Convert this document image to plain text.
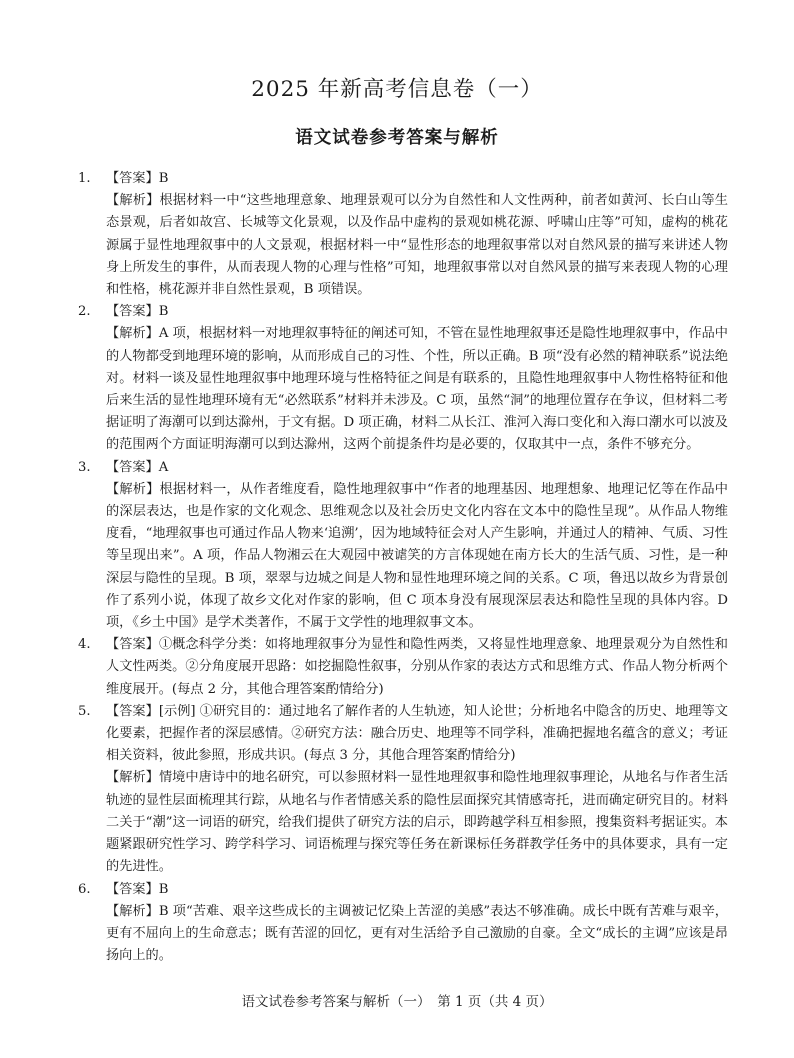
2025 年新高考信息卷（一）
语文试卷参考答案与解析
1. 【答案】B
【解析】根据材料一中“这些地理意象、地理景观可以分为自然性和人文性两种，前者如黄河、长白山等生态景观，后者如故宫、长城等文化景观，以及作品中虚构的景观如桃花源、呼啸山庄等”可知，虚构的桃花源属于显性地理叙事中的人文景观，根据材料一中“显性形态的地理叙事常以对自然风景的描写来讲述人物身上所发生的事件，从而表现人物的心理与性格”可知，地理叙事常以对自然风景的描写来表现人物的心理和性格，桃花源并非自然性景观，B 项错误。
2. 【答案】B
【解析】A 项，根据材料一对地理叙事特征的阐述可知，不管在显性地理叙事还是隐性地理叙事中，作品中的人物都受到地理环境的影响，从而形成自己的习性、个性，所以正确。B 项“没有必然的精神联系”说法绝对。材料一谈及显性地理叙事中地理环境与性格特征之间是有联系的，且隐性地理叙事中人物性格特征和他后来生活的显性地理环境有无“必然联系”材料并未涉及。C 项，虽然“洞”的地理位置存在争议，但材料二考据证明了海潮可以到达滁州，于文有据。D 项正确，材料二从长江、淮河入海口变化和入海口潮水可以波及的范围两个方面证明海潮可以到达滁州，这两个前提条件均是必要的，仅取其中一点，条件不够充分。
3. 【答案】A
【解析】根据材料一，从作者维度看，隐性地理叙事中“作者的地理基因、地理想象、地理记忆等在作品中的深层表达，也是作家的文化观念、思维观念以及社会历史文化内容在文本中的隐性呈现”。从作品人物维度看，“地理叙事也可通过作品人物来‘追溯’，因为地域特征会对人产生影响，并通过人的精神、气质、习性等呈现出来”。A 项，作品人物湘云在大观园中被谑笑的方言体现她在南方长大的生活气质、习性，是一种深层与隐性的呈现。B 项，翠翠与边城之间是人物和显性地理环境之间的关系。C 项，鲁迅以故乡为背景创作了系列小说，体现了故乡文化对作家的影响，但 C 项本身没有展现深层表达和隐性呈现的具体内容。D 项，《乡土中国》是学术类著作，不属于文学性的地理叙事文本。
4. 【答案】①概念科学分类：如将地理叙事分为显性和隐性两类，又将显性地理意象、地理景观分为自然性和人文性两类。②分角度展开思路：如挖掘隐性叙事，分别从作家的表达方式和思维方式、作品人物分析两个维度展开。(每点 2 分，其他合理答案酌情给分)
5. 【答案】[示例] ①研究目的：通过地名了解作者的人生轨迹，知人论世；分析地名中隐含的历史、地理等文化要素，把握作者的深层感情。②研究方法：融合历史、地理等不同学科，准确把握地名蕴含的意义；考证相关资料，彼此参照，形成共识。(每点 3 分，其他合理答案酌情给分)
【解析】情境中唐诗中的地名研究，可以参照材料一显性地理叙事和隐性地理叙事理论，从地名与作者生活轨迹的显性层面梳理其行踪，从地名与作者情感关系的隐性层面探究其情感寄托，进而确定研究目的。材料二关于“潮”这一词语的研究，给我们提供了研究方法的启示，即跨越学科互相参照，搜集资料考据证实。本题紧跟研究性学习、跨学科学习、词语梳理与探究等任务在新课标任务群教学任务中的具体要求，具有一定的先进性。
6. 【答案】B
【解析】B 项“苦难、艰辛这些成长的主调被记忆染上苦涩的美感”表达不够准确。成长中既有苦难与艰辛，更有不屈向上的生命意志；既有苦涩的回忆，更有对生活给予自己激励的自豪。全文“成长的主调”应该是昂扬向上的。
语文试卷参考答案与解析（一）　第 1 页（共 4 页）
